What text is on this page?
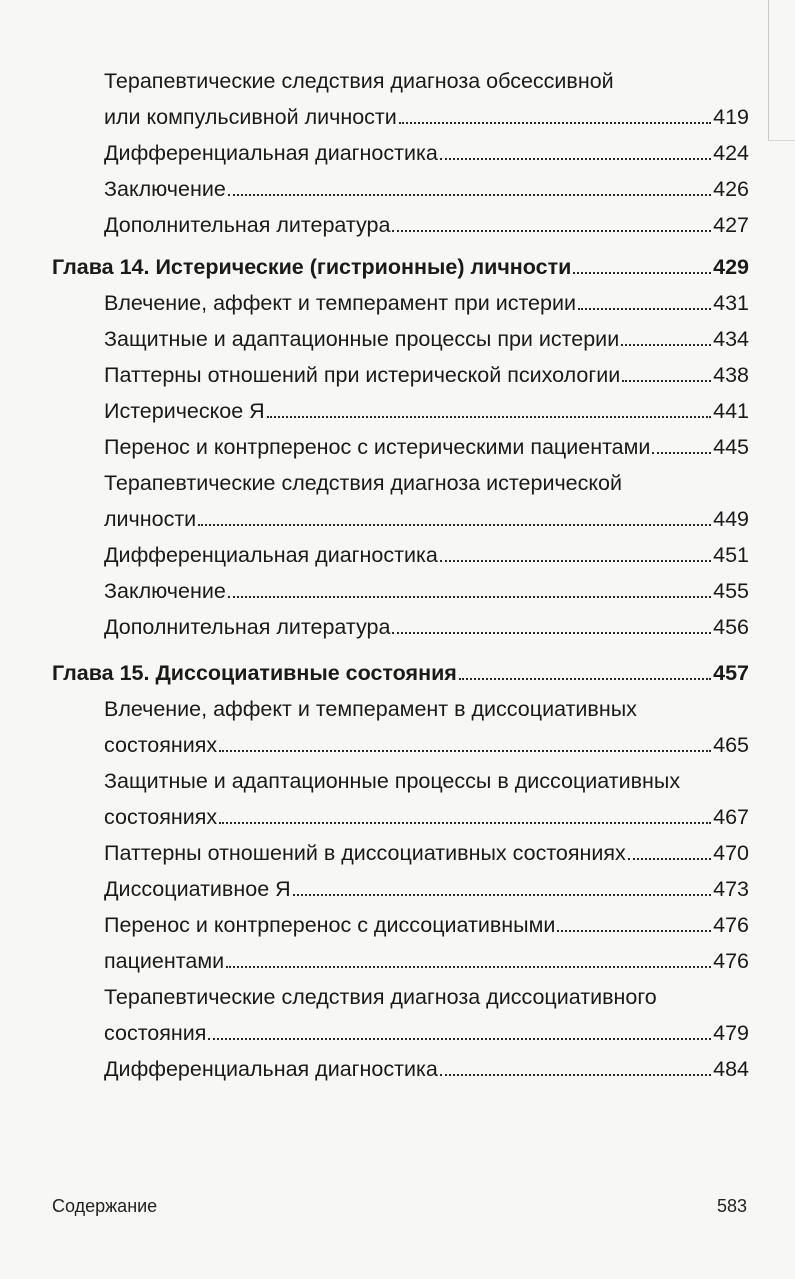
Терапевтические следствия диагноза обсессивной
или компульсивной личности	419
Дифференциальная диагностика	424
Заключение	426
Дополнительная литература	427
Глава 14. Истерические (гистрионные) личности	429
Влечение, аффект и темперамент при истерии	431
Защитные и адаптационные процессы при истерии	434
Паттерны отношений при истерической психологии	438
Истерическое Я	441
Перенос и контрперенос с истерическими пациентами	445
Терапевтические следствия диагноза истерической
личности	449
Дифференциальная диагностика	451
Заключение	455
Дополнительная литература	456
Глава 15. Диссоциативные состояния	457
Влечение, аффект и темперамент в диссоциативных
состояниях	465
Защитные и адаптационные процессы в диссоциативных
состояниях	467
Паттерны отношений в диссоциативных состояниях	470
Диссоциативное Я	473
Перенос и контрперенос с диссоциативными	476
пациентами	476
Терапевтические следствия диагноза диссоциативного
состояния	479
Дифференциальная диагностика	484
Содержание	583
